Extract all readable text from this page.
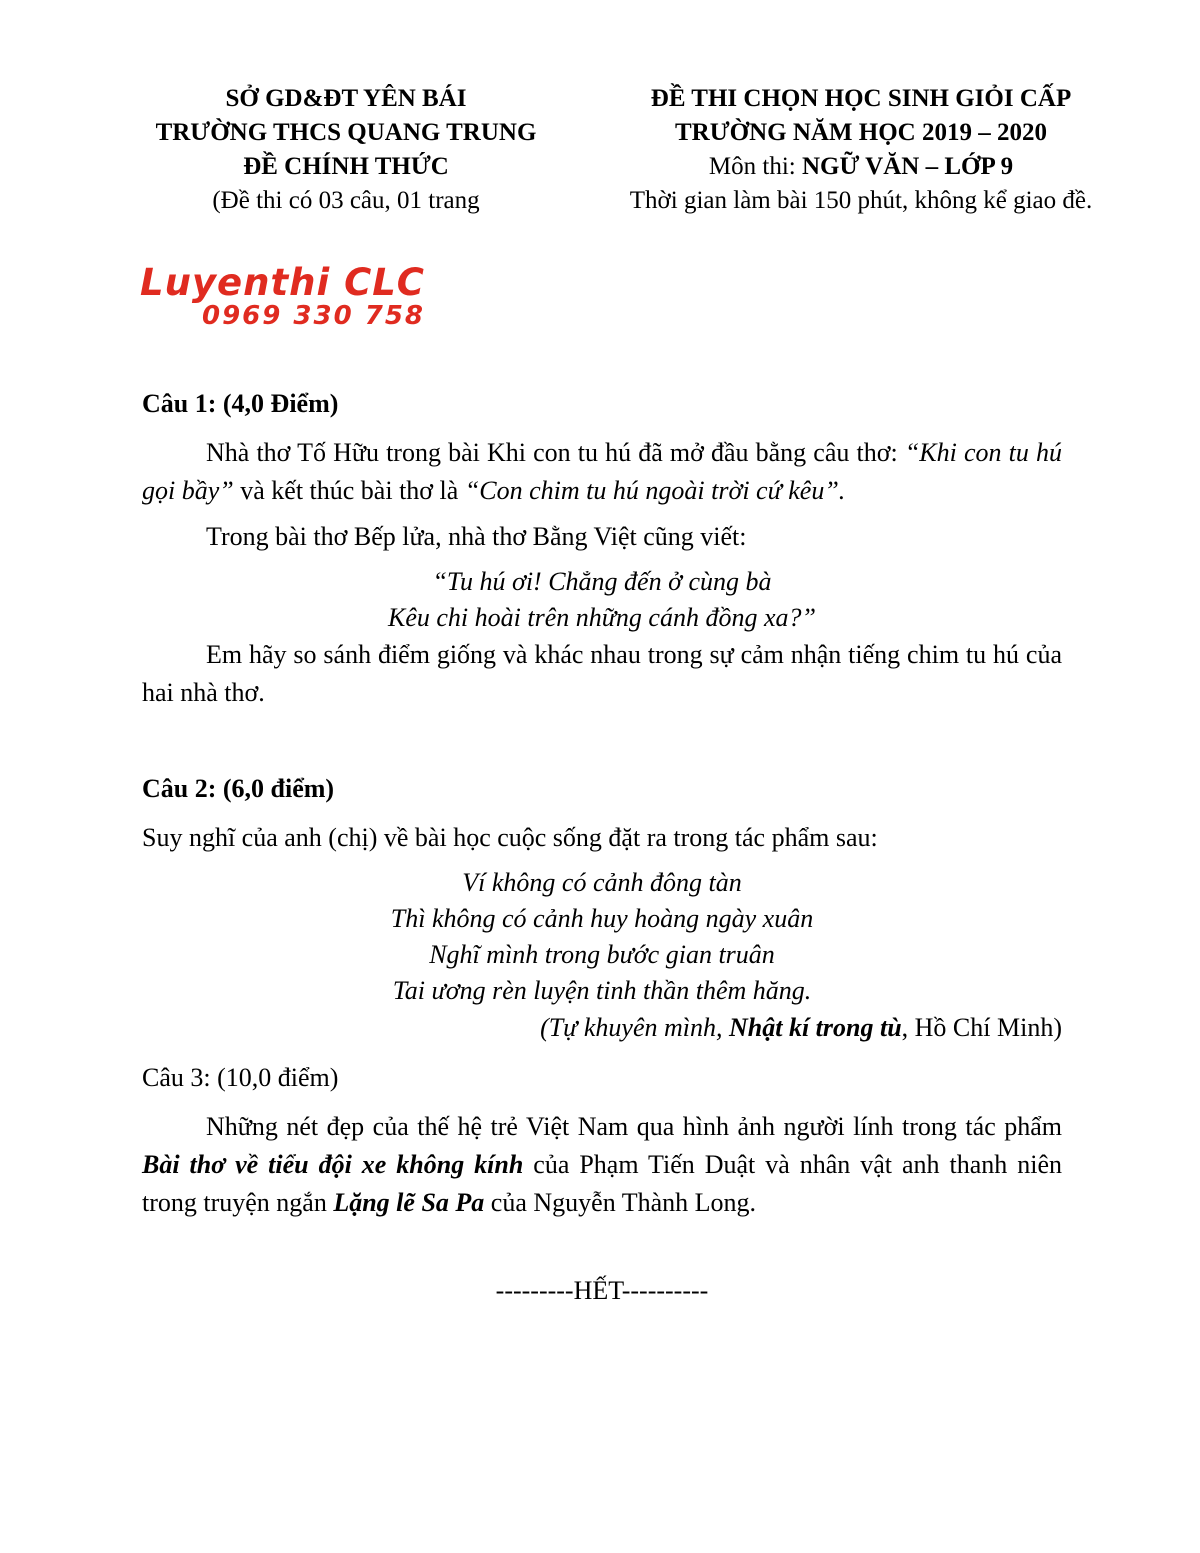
SỞ GD&ĐT YÊN BÁI
TRƯỜNG THCS QUANG TRUNG
ĐỀ CHÍNH THỨC
(Đề thi có 03 câu, 01 trang
ĐỀ THI CHỌN HỌC SINH GIỎI CẤP
TRƯỜNG NĂM HỌC 2019 – 2020
Môn thi: NGỮ VĂN – LỚP 9
Thời gian làm bài 150 phút, không kể giao đề.
Luyenthi CLC
0969 330 758
Câu 1: (4,0 Điểm)

Nhà thơ Tố Hữu trong bài Khi con tu hú đã mở đầu bằng câu thơ: “Khi con tu hú gọi bầy” và kết thúc bài thơ là “Con chim tu hú ngoài trời cứ kêu”.

Trong bài thơ Bếp lửa, nhà thơ Bằng Việt cũng viết:

“Tu hú ơi! Chẳng đến ở cùng bà
Kêu chi hoài trên những cánh đồng xa?”

Em hãy so sánh điểm giống và khác nhau trong sự cảm nhận tiếng chim tu hú của hai nhà thơ.

Câu 2: (6,0 điểm)

Suy nghĩ của anh (chị) về bài học cuộc sống đặt ra trong tác phẩm sau:

Ví không có cảnh đông tàn
Thì không có cảnh huy hoàng ngày xuân
Nghĩ mình trong bước gian truân
Tai ương rèn luyện tinh thần thêm hăng.
(Tự khuyên mình, Nhật kí trong tù, Hồ Chí Minh)
Câu 3: (10,0 điểm)

Những nét đẹp của thế hệ trẻ Việt Nam qua hình ảnh người lính trong tác phẩm Bài thơ về tiểu đội xe không kính của Phạm Tiến Duật và nhân vật anh thanh niên trong truyện ngắn Lặng lẽ Sa Pa của Nguyễn Thành Long.

---------HẾT----------
